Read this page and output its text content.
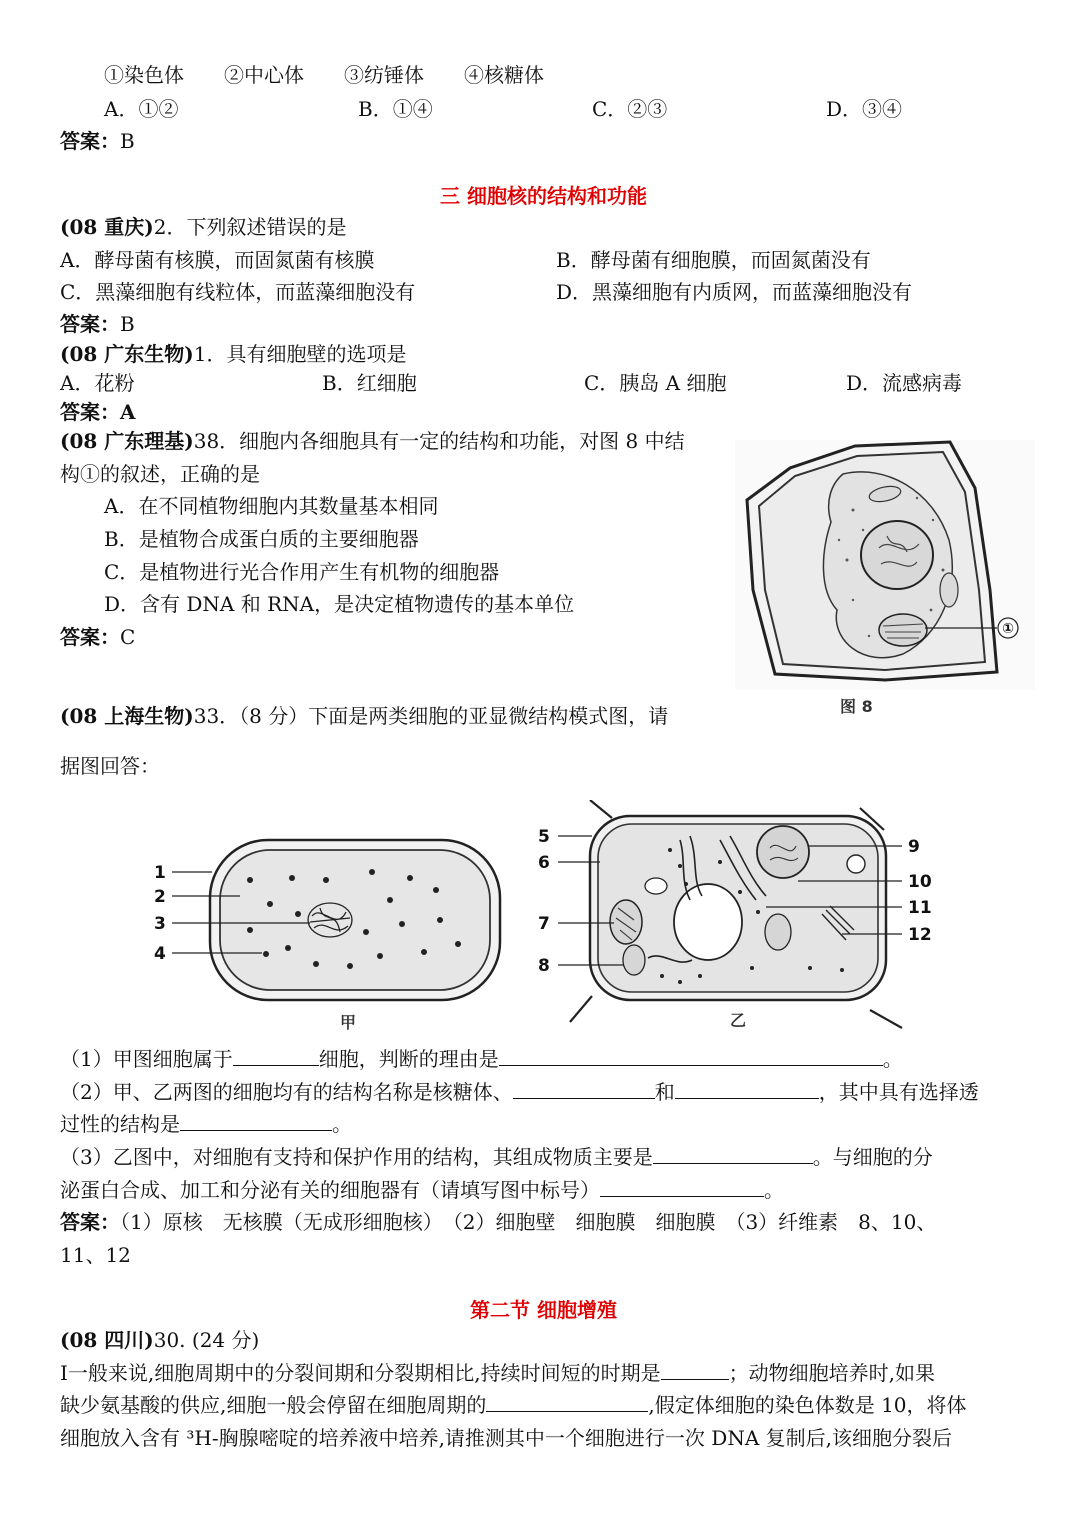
①染色体　　②中心体　　③纺锤体　　④核糖体
A．①②	B．①④	C．②③	D．③④
答案：B
三 细胞核的结构和功能
(08 重庆)2．下列叙述错误的是
A．酵母菌有核膜，而固氮菌有核膜	B．酵母菌有细胞膜，而固氮菌没有
C．黑藻细胞有线粒体，而蓝藻细胞没有	D．黑藻细胞有内质网，而蓝藻细胞没有
答案：B
(08 广东生物)1．具有细胞壁的选项是
A．花粉	B．红细胞	C．胰岛 A 细胞	D．流感病毒
答案：A
(08 广东理基)38．细胞内各细胞具有一定的结构和功能，对图 8 中结
构①的叙述，正确的是
A．在不同植物细胞内其数量基本相同
B．是植物合成蛋白质的主要细胞器
C．是植物进行光合作用产生有机物的细胞器
D．含有 DNA 和 RNA，是决定植物遗传的基本单位
答案：C	①
图 8
(08 上海生物)33．（8 分）下面是两类细胞的亚显微结构模式图，请
据图回答：
1
2
3
4
甲
5
6
7
8
9
10
11
12
乙
（1）甲图细胞属于	细胞，判断的理由是	。
（2）甲、乙两图的细胞均有的结构名称是核糖体、	和	，其中具有选择透
过性的结构是	。
（3）乙图中，对细胞有支持和保护作用的结构，其组成物质主要是	。与细胞的分
泌蛋白合成、加工和分泌有关的细胞器有（请填写图中标号）	。
答案：（1）原核　无核膜（无成形细胞核）　（2）细胞壁　细胞膜　细胞膜　（3）纤维素　8、10、
11、12
第二节 细胞增殖
(08 四川)30. (24 分)
Ⅰ一般来说,细胞周期中的分裂间期和分裂期相比,持续时间短的时期是	；动物细胞培养时,如果
缺少氨基酸的供应,细胞一般会停留在细胞周期的	,假定体细胞的染色体数是 10，将体
细胞放入含有 ³H-胸腺嘧啶的培养液中培养,请推测其中一个细胞进行一次 DNA 复制后,该细胞分裂后
